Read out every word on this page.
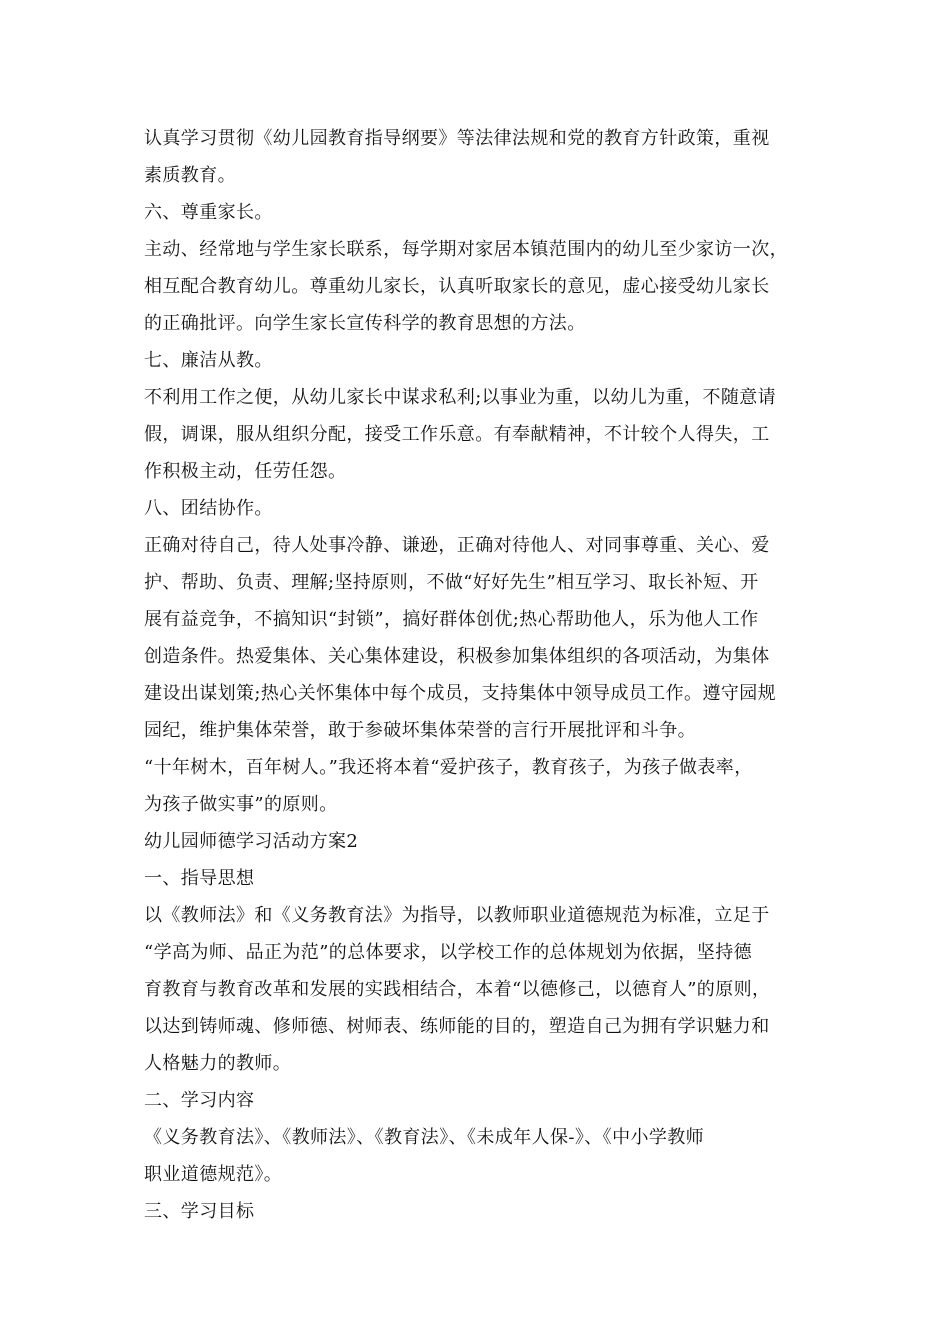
认真学习贯彻《幼儿园教育指导纲要》等法律法规和党的教育方针政策，重视
素质教育。
六、尊重家长。
主动、经常地与学生家长联系，每学期对家居本镇范围内的幼儿至少家访一次，
相互配合教育幼儿。尊重幼儿家长，认真听取家长的意见，虚心接受幼儿家长
的正确批评。向学生家长宣传科学的教育思想的方法。
七、廉洁从教。
不利用工作之便，从幼儿家长中谋求私利;以事业为重，以幼儿为重，不随意请
假，调课，服从组织分配，接受工作乐意。有奉献精神，不计较个人得失，工
作积极主动，任劳任怨。
八、团结协作。
正确对待自己，待人处事冷静、谦逊，正确对待他人、对同事尊重、关心、爱
护、帮助、负责、理解;坚持原则，不做“好好先生”相互学习、取长补短、开
展有益竞争，不搞知识“封锁”，搞好群体创优;热心帮助他人，乐为他人工作
创造条件。热爱集体、关心集体建设，积极参加集体组织的各项活动，为集体
建设出谋划策;热心关怀集体中每个成员，支持集体中领导成员工作。遵守园规
园纪，维护集体荣誉，敢于参破坏集体荣誉的言行开展批评和斗争。
“十年树木，百年树人。”我还将本着“爱护孩子，教育孩子，为孩子做表率，
为孩子做实事”的原则。
幼儿园师德学习活动方案2
一、指导思想
以《教师法》和《义务教育法》为指导，以教师职业道德规范为标准，立足于
“学高为师、品正为范”的总体要求，以学校工作的总体规划为依据，坚持德
育教育与教育改革和发展的实践相结合，本着“以德修己，以德育人”的原则，
以达到铸师魂、修师德、树师表、练师能的目的，塑造自己为拥有学识魅力和
人格魅力的教师。
二、学习内容
《义务教育法》、《教师法》、《教育法》、《未成年人保-》、《中小学教师
职业道德规范》。
三、学习目标
